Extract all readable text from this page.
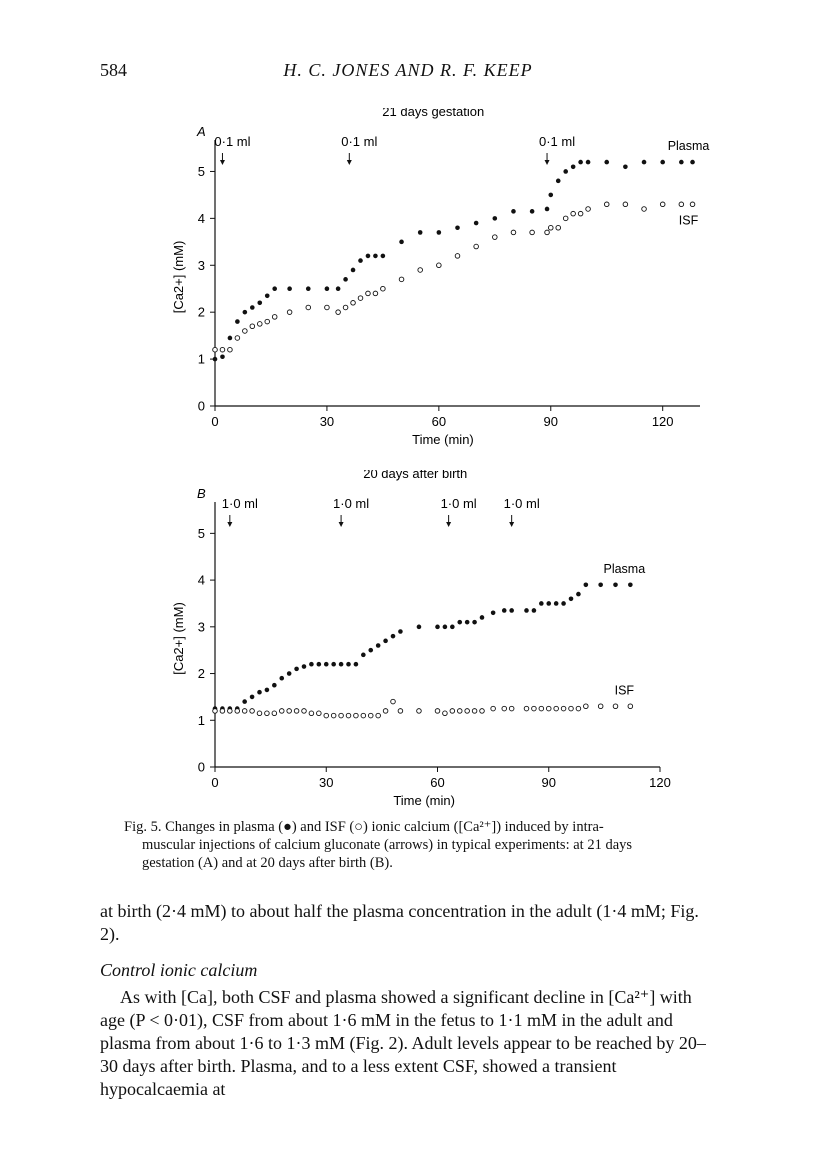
584	H. C. JONES AND R. F. KEEP
A
21 days gestation
0
1
2
3
4
5
0	30	60	90	120
Time (min)
[Ca2+] (mM)
0·1 ml	0·1 ml	0·1 ml	Plasma
ISF
B
20 days after birth
0
1
2
3
4
5
0	30	60	90	120
Time (min)
[Ca2+] (mM)
1·0 ml	1·0 ml	1·0 ml 1·0 ml
Plasma
ISF
Fig. 5. Changes in plasma (●) and ISF (○) ionic calcium ([Ca²⁺]) induced by intra-
muscular injections of calcium gluconate (arrows) in typical experiments: at 21 days
gestation (A) and at 20 days after birth (B).
at birth (2·4 mM) to about half the plasma concentration in the adult (1·4 mM; Fig. 2).
Control ionic calcium
As with [Ca], both CSF and plasma showed a significant decline in [Ca²⁺] with age (P < 0·01), CSF from about 1·6 mM in the fetus to 1·1 mM in the adult and plasma from about 1·6 to 1·3 mM (Fig. 2). Adult levels appear to be reached by 20–30 days after birth. Plasma, and to a less extent CSF, showed a transient hypocalcaemia at
